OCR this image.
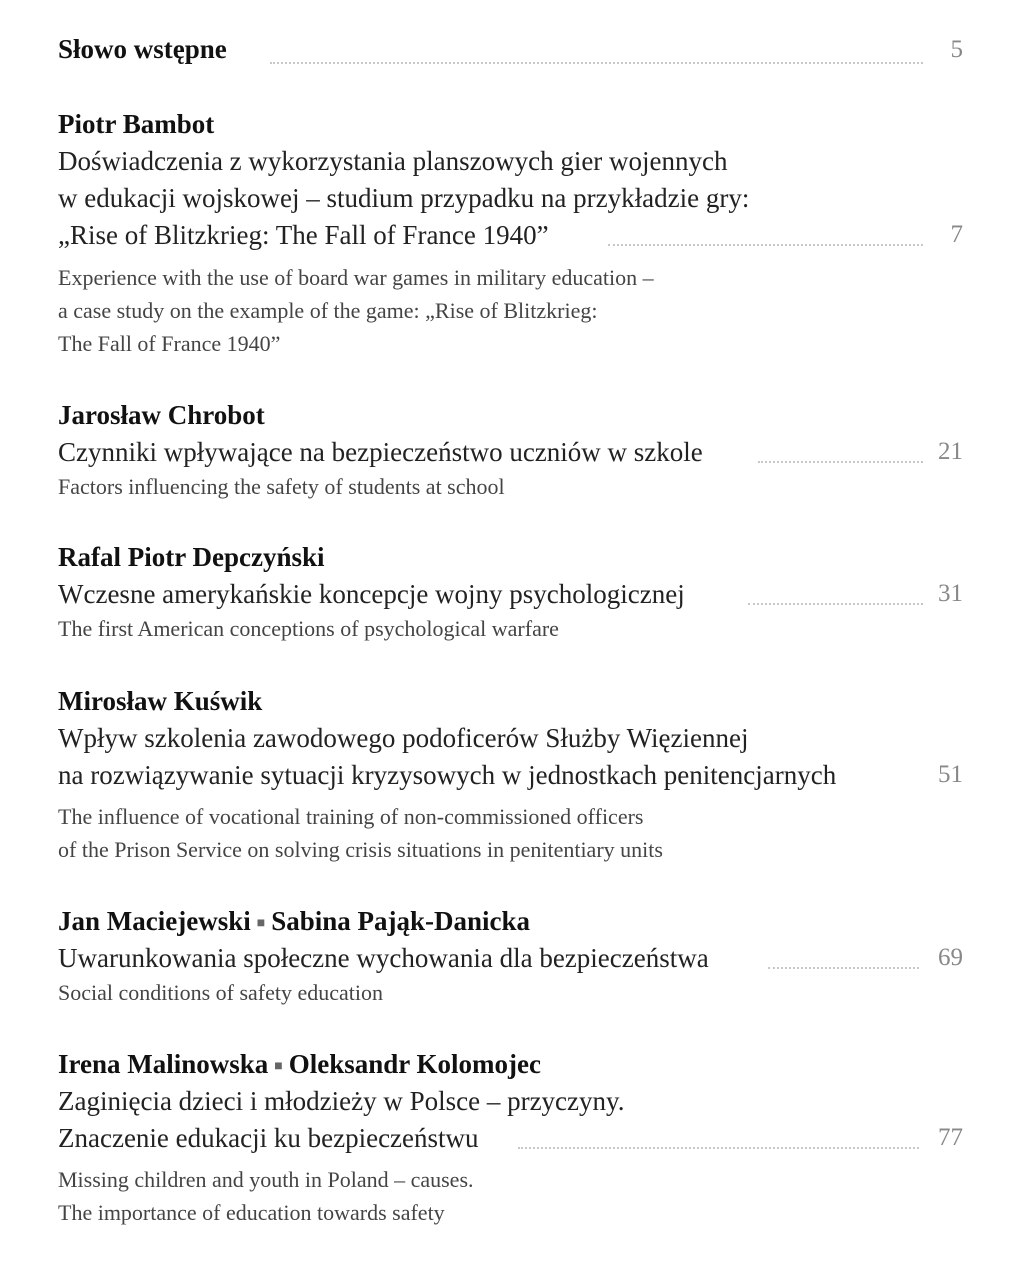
Słowo wstępne	5
Piotr Bambot
Doświadczenia z wykorzystania planszowych gier wojennych
w edukacji wojskowej – studium przypadku na przykładzie gry:
„Rise of Blitzkrieg: The Fall of France 1940”	7
Experience with the use of board war games in military education –
a case study on the example of the game: „Rise of Blitzkrieg:
The Fall of France 1940”
Jarosław Chrobot
Czynniki wpływające na bezpieczeństwo uczniów w szkole	21
Factors influencing the safety of students at school
Rafal Piotr Depczyński
Wczesne amerykańskie koncepcje wojny psychologicznej	31
The first American conceptions of psychological warfare
Mirosław Kuświk
Wpływ szkolenia zawodowego podoficerów Służby Więziennej
na rozwiązywanie sytuacji kryzysowych w jednostkach penitencjarnych	51
The influence of vocational training of non-commissioned officers
of the Prison Service on solving crisis situations in penitentiary units
Jan Maciejewski ■ Sabina Pająk-Danicka
Uwarunkowania społeczne wychowania dla bezpieczeństwa	69
Social conditions of safety education
Irena Malinowska ■ Oleksandr Kolomojec
Zaginięcia dzieci i młodzieży w Polsce – przyczyny.
Znaczenie edukacji ku bezpieczeństwu	77
Missing children and youth in Poland – causes.
The importance of education towards safety
